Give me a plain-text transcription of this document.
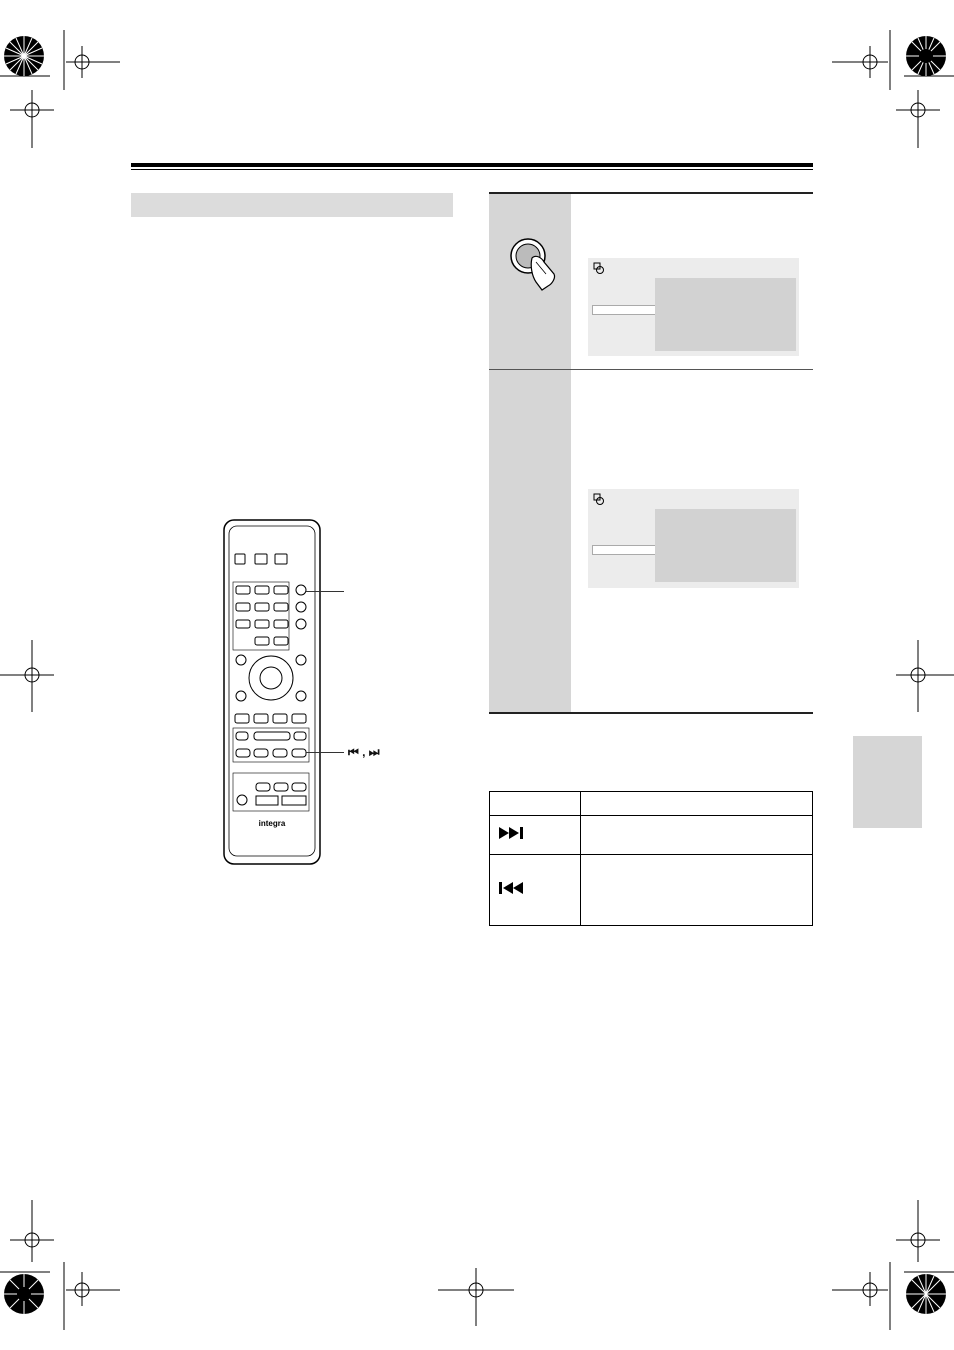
integra
⏮ , ⏭
